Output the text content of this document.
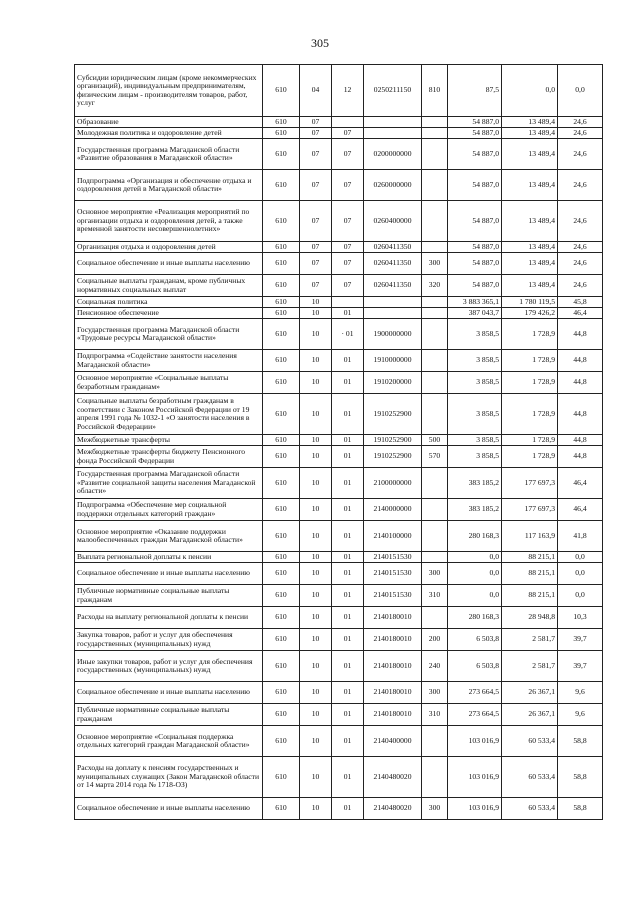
305
Субсидии юридическим лицам (кроме некоммерческих организаций), индивидуальным предпринимателям, физическим лицам - производителям товаров, работ, услуг	610	04	12	0250211150	810	87,5	0,0	0,0
Образование	610	07				54 887,0	13 489,4	24,6
Молодежная политика и оздоровление детей	610	07	07			54 887,0	13 489,4	24,6
Государственная программа Магаданской области «Развитие образования в Магаданской области»	610	07	07	0200000000		54 887,0	13 489,4	24,6
Подпрограмма «Организация и обеспечение отдыха и оздоровления детей в Магаданской области»	610	07	07	0260000000		54 887,0	13 489,4	24,6
Основное мероприятие «Реализация мероприятий по организации отдыха и оздоровления детей, а также временной занятости несовершеннолетних»	610	07	07	0260400000		54 887,0	13 489,4	24,6
Организация отдыха и оздоровления детей	610	07	07	0260411350		54 887,0	13 489,4	24,6
Социальное обеспечение и иные выплаты населению	610	07	07	0260411350	300	54 887,0	13 489,4	24,6
Социальные выплаты гражданам, кроме публичных нормативных социальных выплат	610	07	07	0260411350	320	54 887,0	13 489,4	24,6
Социальная политика	610	10				3 883 365,1	1 780 119,5	45,8
Пенсионное обеспечение	610	10	01			387 043,7	179 426,2	46,4
Государственная программа Магаданской области «Трудовые ресурсы Магаданской области»	610	10	· 01	1900000000		3 858,5	1 728,9	44,8
Подпрограмма «Содействие занятости населения Магаданской области»	610	10	01	1910000000		3 858,5	1 728,9	44,8
Основное мероприятие «Социальные выплаты безработным гражданам»	610	10	01	1910200000		3 858,5	1 728,9	44,8
Социальные выплаты безработным гражданам в соответствии с Законом Российской Федерации от 19 апреля 1991 года № 1032-1 «О занятости населения в Российской Федерации»	610	10	01	1910252900		3 858,5	1 728,9	44,8
Межбюджетные трансферты	610	10	01	1910252900	500	3 858,5	1 728,9	44,8
Межбюджетные трансферты бюджету Пенсионного фонда Российской Федерации	610	10	01	1910252900	570	3 858,5	1 728,9	44,8
Государственная программа Магаданской области «Развитие социальной защиты населения Магаданской области»	610	10	01	2100000000		383 185,2	177 697,3	46,4
Подпрограмма «Обеспечение мер социальной поддержки отдельных категорий граждан»	610	10	01	2140000000		383 185,2	177 697,3	46,4
Основное мероприятие «Оказание поддержки малообеспеченных граждан Магаданской области»	610	10	01	2140100000		280 168,3	117 163,9	41,8
Выплата региональной доплаты к пенсии	610	10	01	2140151530		0,0	88 215,1	0,0
Социальное обеспечение и иные выплаты населению	610	10	01	2140151530	300	0,0	88 215,1	0,0
Публичные нормативные социальные выплаты гражданам	610	10	01	2140151530	310	0,0	88 215,1	0,0
Расходы на выплату региональной доплаты к пенсии	610	10	01	2140180010		280 168,3	28 948,8	10,3
Закупка товаров, работ и услуг для обеспечения государственных (муниципальных) нужд	610	10	01	2140180010	200	6 503,8	2 581,7	39,7
Иные закупки товаров, работ и услуг для обеспечения государственных (муниципальных) нужд	610	10	01	2140180010	240	6 503,8	2 581,7	39,7
Социальное обеспечение и иные выплаты населению	610	10	01	2140180010	300	273 664,5	26 367,1	9,6
Публичные нормативные социальные выплаты гражданам	610	10	01	2140180010	310	273 664,5	26 367,1	9,6
Основное мероприятие «Социальная поддержка отдельных категорий граждан Магаданской области»	610	10	01	2140400000		103 016,9	60 533,4	58,8
Расходы на доплату к пенсиям государственных и муниципальных служащих (Закон Магаданской области от 14 марта 2014 года № 1718-ОЗ)	610	10	01	2140480020		103 016,9	60 533,4	58,8
Социальное обеспечение и иные выплаты населению	610	10	01	2140480020	300	103 016,9	60 533,4	58,8
